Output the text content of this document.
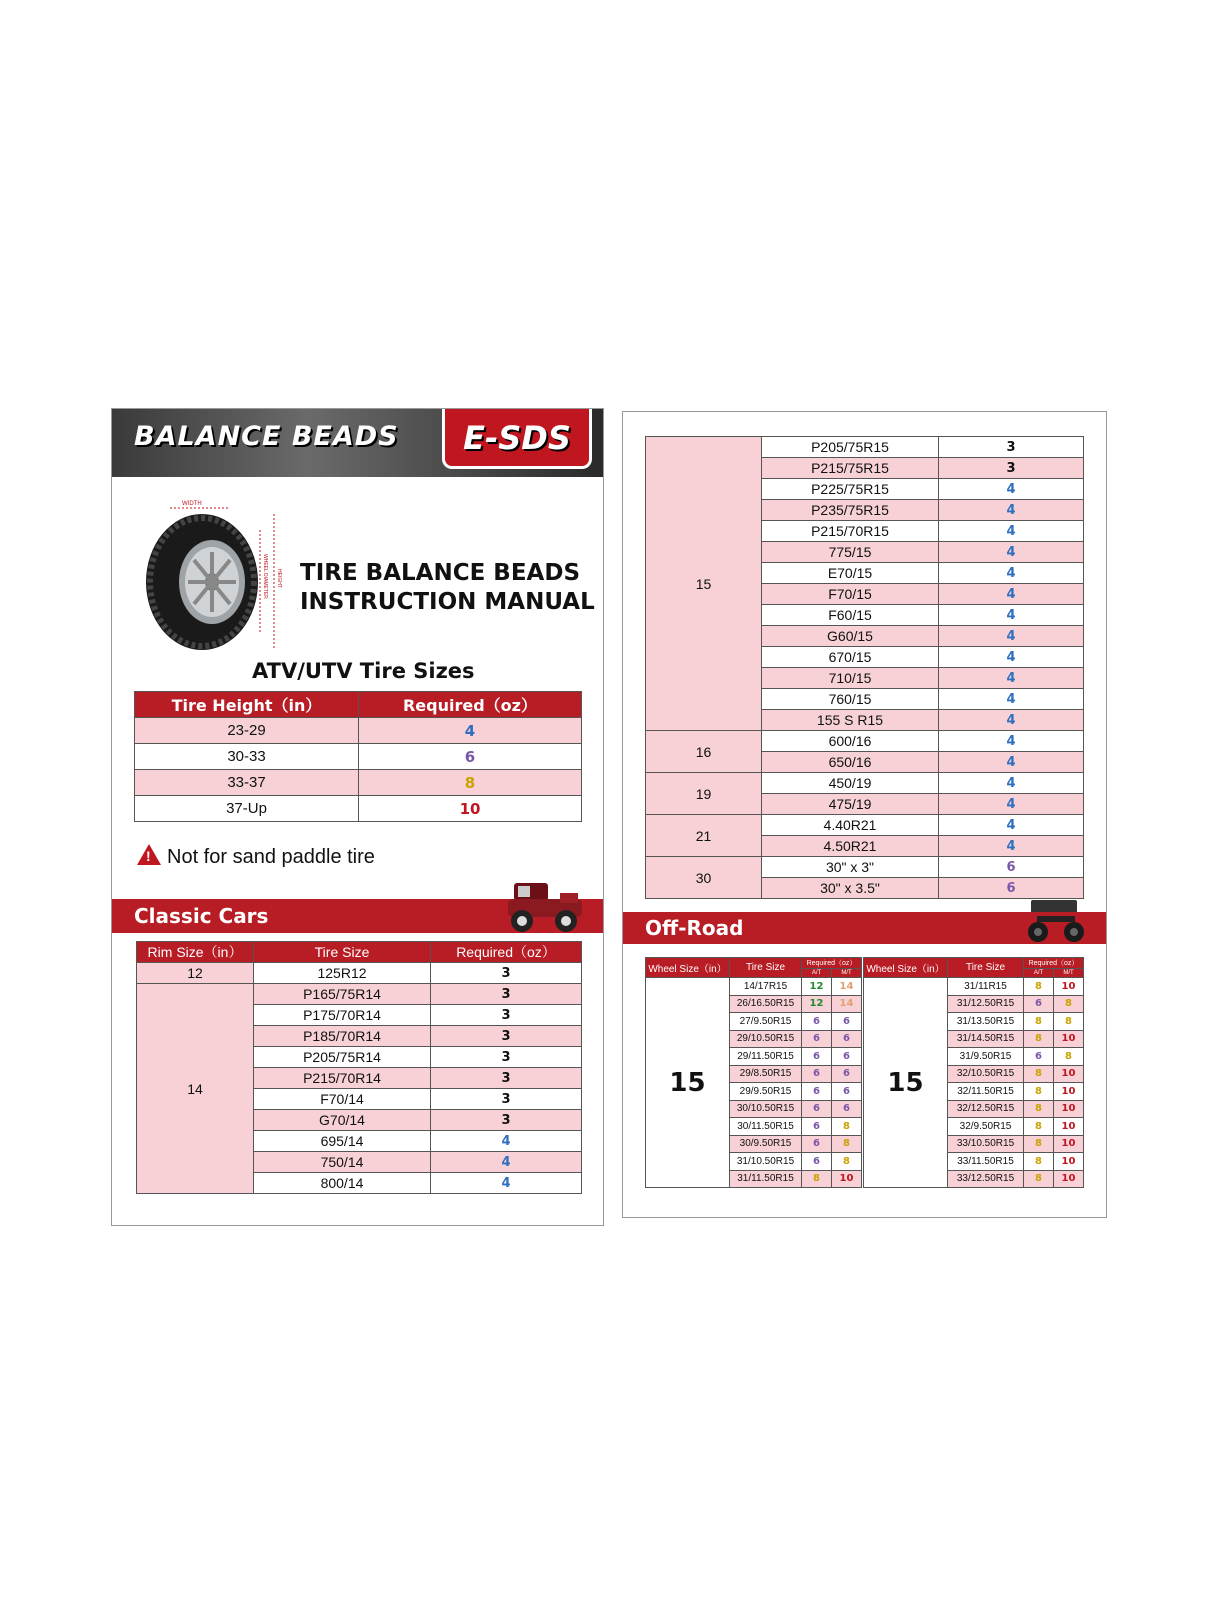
BALANCE BEADS	E-SDS
WIDTH
WHEEL DIAMETER HEIGHT TIRE BALANCE BEADS
INSTRUCTION MANUAL
ATV/UTV Tire Sizes
Tire Height（in）	Required（oz）
23-29	4
30-33	6
33-37	8
37-Up	10
!Not for sand paddle tire
Classic Cars
Rim Size（in）	Tire Size	Required（oz）
12	125R12	3
14	P165/75R14	3
	P175/70R14	3
	P185/70R14	3
	P205/75R14	3
	P215/70R14	3
	F70/14	3
	G70/14	3
	695/14	4
	750/14	4
	800/14	4
15	P205/75R15	3
	P215/75R15	3
	P225/75R15	4
	P235/75R15	4
	P215/70R15	4
	775/15	4
	E70/15	4
	F70/15	4
	F60/15	4
	G60/15	4
	670/15	4
	710/15	4
	760/15	4
	155 S R15	4
16	600/16	4
	650/16	4
19	450/19	4
	475/19	4
21	4.40R21	4
	4.50R21	4
30	30" x 3"	6
	30" x 3.5"	6
Off-Road
Wheel Size（in）	Tire Size	Required（oz）	
		A/T	M/T
15	14/17R15	12	14
	26/16.50R15	12	14
	27/9.50R15	6	6
	29/10.50R15	6	6
	29/11.50R15	6	6
	29/8.50R15	6	6
	29/9.50R15	6	6
	30/10.50R15	6	6
	30/11.50R15	6	8
	30/9.50R15	6	8
	31/10.50R15	6	8
	31/11.50R15	8	10
Wheel Size（in）	Tire Size	Required（oz）	
		A/T	M/T
15	31/11R15	8	10
	31/12.50R15	6	8
	31/13.50R15	8	8
	31/14.50R15	8	10
	31/9.50R15	6	8
	32/10.50R15	8	10
	32/11.50R15	8	10
	32/12.50R15	8	10
	32/9.50R15	8	10
	33/10.50R15	8	10
	33/11.50R15	8	10
	33/12.50R15	8	10
